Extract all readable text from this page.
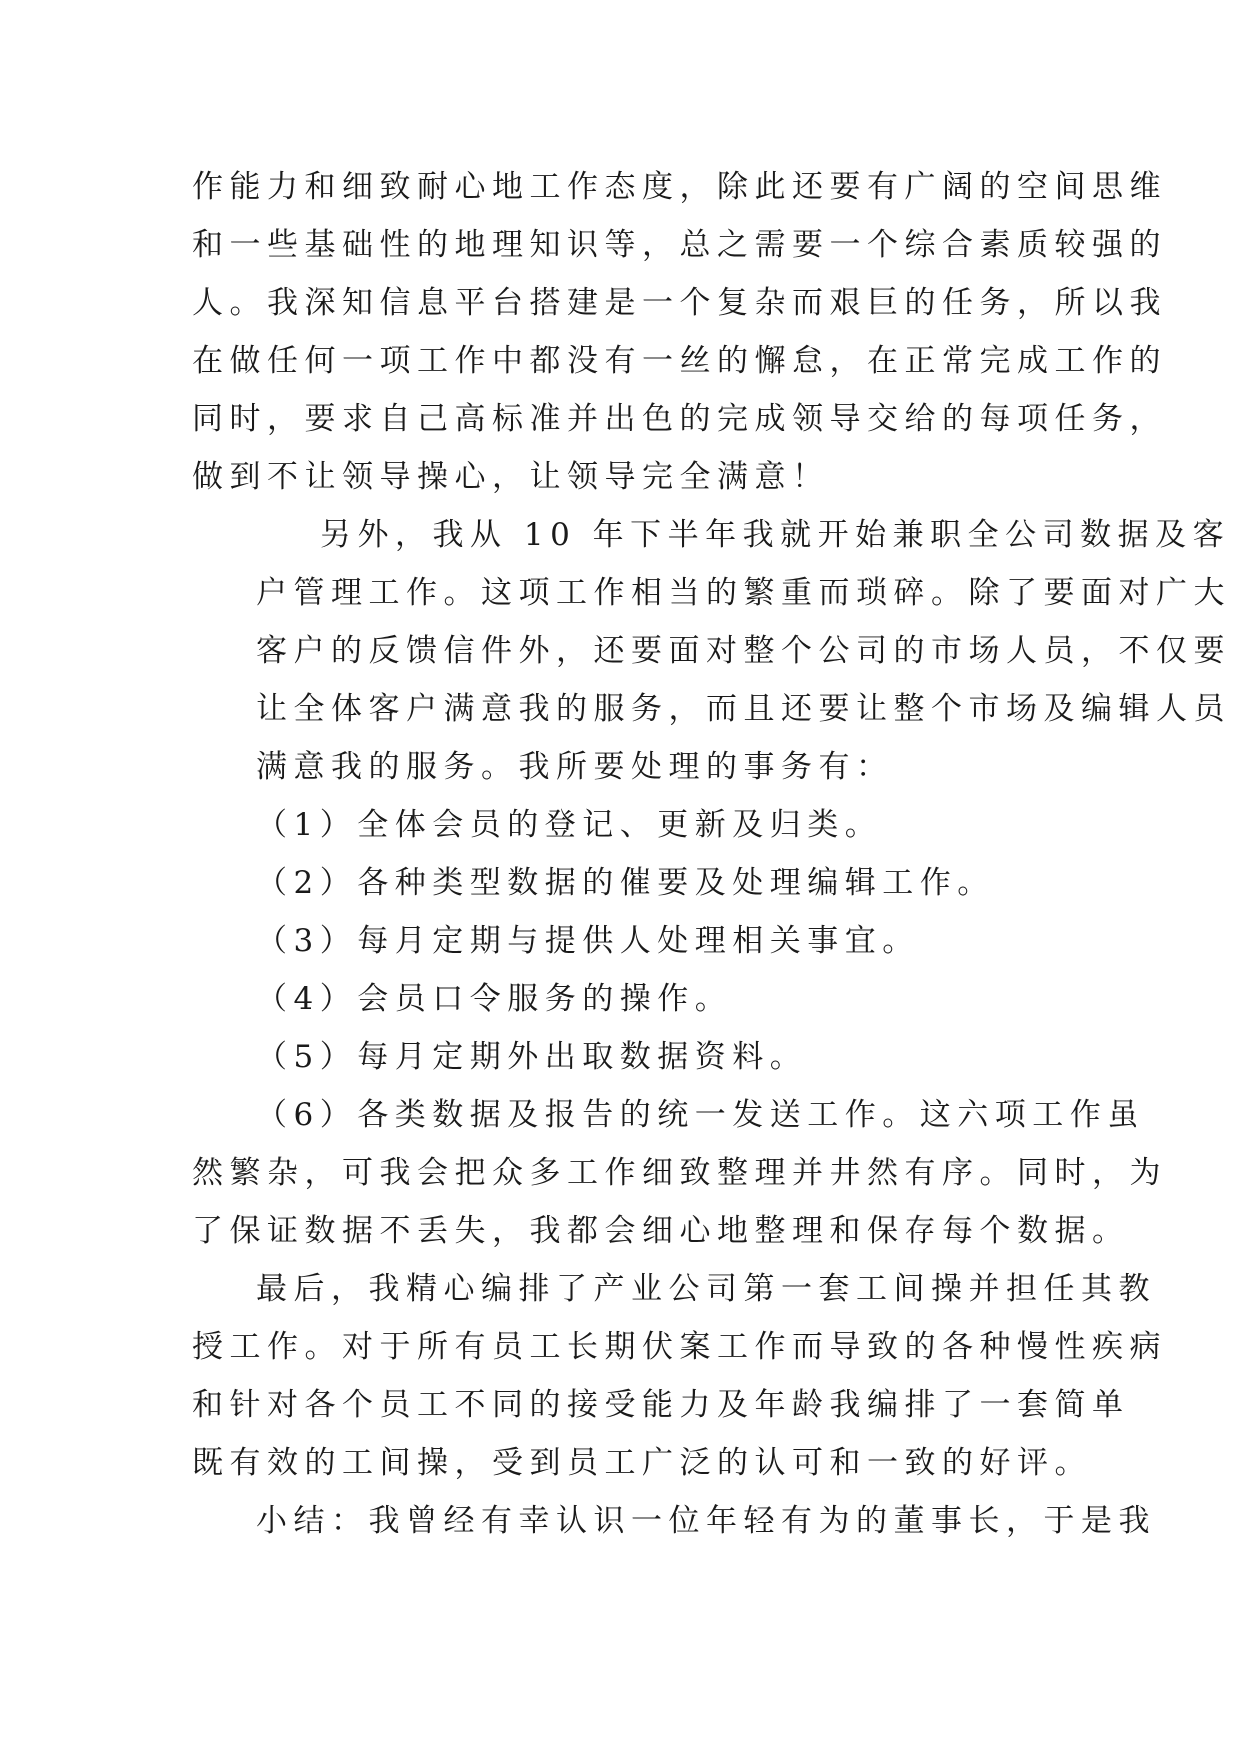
作能力和细致耐心地工作态度，除此还要有广阔的空间思维
和一些基础性的地理知识等，总之需要一个综合素质较强的
人。我深知信息平台搭建是一个复杂而艰巨的任务，所以我
在做任何一项工作中都没有一丝的懈怠，在正常完成工作的
同时，要求自己高标准并出色的完成领导交给的每项任务，
做到不让领导操心，让领导完全满意！

另外，我从 10 年下半年我就开始兼职全公司数据及客
户管理工作。这项工作相当的繁重而琐碎。除了要面对广大
客户的反馈信件外，还要面对整个公司的市场人员，不仅要
让全体客户满意我的服务，而且还要让整个市场及编辑人员
满意我的服务。我所要处理的事务有：

（1）全体会员的登记、更新及归类。

（2）各种类型数据的催要及处理编辑工作。

（3）每月定期与提供人处理相关事宜。

（4）会员口令服务的操作。

（5）每月定期外出取数据资料。

（6）各类数据及报告的统一发送工作。这六项工作虽
然繁杂，可我会把众多工作细致整理并井然有序。同时，为
了保证数据不丢失，我都会细心地整理和保存每个数据。

最后，我精心编排了产业公司第一套工间操并担任其教
授工作。对于所有员工长期伏案工作而导致的各种慢性疾病
和针对各个员工不同的接受能力及年龄我编排了一套简单
既有效的工间操，受到员工广泛的认可和一致的好评。

小结：我曾经有幸认识一位年轻有为的董事长，于是我
